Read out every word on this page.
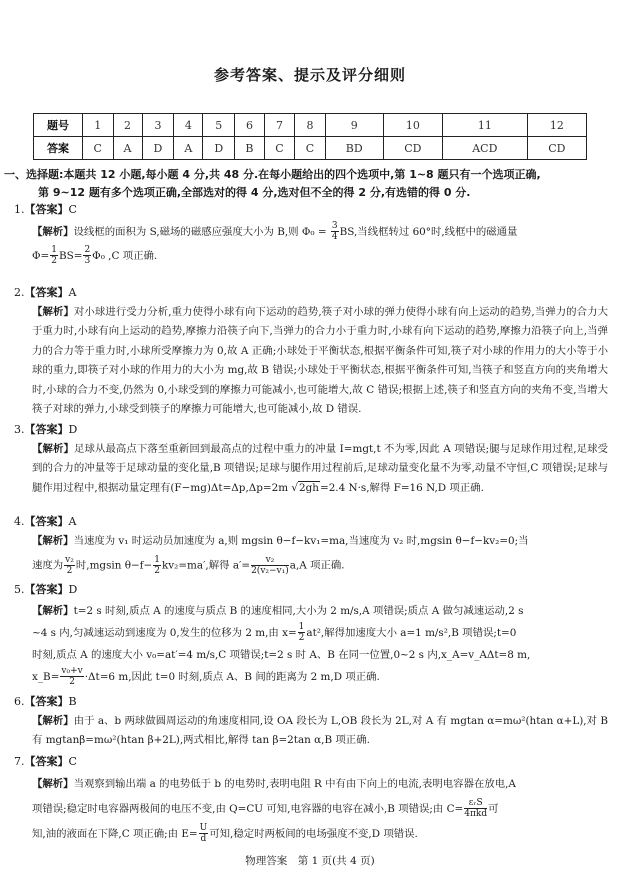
参考答案、提示及评分细则
题号	1	2	3	4	5	6	7	8	9	10	11	12
答案	C	A	D	A	D	B	C	C	BD	CD	ACD	CD
一、选择题:本题共 12 小题,每小题 4 分,共 48 分.在每小题给出的四个选项中,第 1~8 题只有一个选项正确,
第 9~12 题有多个选项正确,全部选对的得 4 分,选对但不全的得 2 分,有选错的得 0 分.
1.【答案】C
【解析】设线框的面积为 S,磁场的磁感应强度大小为 B,则 $\Phi_0 = \frac{3}{4}$ BS,当线框转过 60°时,线框中的磁通量
$\Phi= \frac{1}{2} BS= \frac{2}{3} \Phi_0$ ,C 项正确.
2.【答案】A
【解析】对小球进行受力分析,重力使得小球有向下运动的趋势,筷子对小球的弹力使得小球有向上运动的趋势,当弹力的合力大于重力时,小球有向上运动的趋势,摩擦力沿筷子向下,当弹力的合力小于重力时,小球有向下运动的趋势,摩擦力沿筷子向上,当弹力的合力等于重力时,小球所受摩擦力为 0,故 A 正确;小球处于平衡状态,根据平衡条件可知,筷子对小球的作用力的大小等于小球的重力,即筷子对小球的作用力的大小为 mg,故 B 错误;小球处于平衡状态,根据平衡条件可知,当筷子和竖直方向的夹角增大时,小球的合力不变,仍然为 0,小球受到的摩擦力可能减小,也可能增大,故 C 错误;根据上述,筷子和竖直方向的夹角不变,当增大筷子对球的弹力,小球受到筷子的摩擦力可能增大,也可能减小,故 D 错误.
3.【答案】D
【解析】足球从最高点下落至重新回到最高点的过程中重力的冲量 I=mgt,t 不为零,因此 A 项错误;腿与足球作用过程,足球受到的合力的冲量等于足球动量的变化量,B 项错误;足球与腿作用过程前后,足球动量变化量不为零,动量不守恒,C 项错误;足球与腿作用过程中,根据动量定理有(F−mg)Δt=Δp,Δp=2m √2gh=2.4 N·s,解得 F=16 N,D 项正确.
4.【答案】A
【解析】当速度为 v₁ 时运动员加速度为 a,则 mgsin θ−f−kv₁=ma,当速度为 v₂ 时,mgsin θ−f−kv₂=0;当
速度为 $\frac{\text{v₂}}{2}$ 时,mgsin $\theta-f- \frac{1}{2} kv_2=ma'$,解得 $a'= \frac{\text{v₂}}{\text{2(v₂−v₁)}} a,A$ 项正确.
5.【答案】D
【解析】t=2 s 时刻,质点 A 的速度与质点 B 的速度相同,大小为 2 m/s,A 项错误;质点 A 做匀减速运动,2 s
~4 s 内,匀减速运动到速度为 0,发生的位移为 2 m,由 $x= \frac{1}{2} at^2$,解得加速度大小 a=1 m/s²,B 项错误;t=0
时刻,质点 A 的速度大小 v₀=at′=4 m/s,C 项错误;t=2 s 时 A、B 在同一位置,0~2 s 内,x_A=v_AΔt=8 m,
x_B= $\frac{\text{v₀+v}}{2} \cdot\Delta t=6$ m,因此 t=0 时刻,质点 A、B 间的距离为 2 m,D 项正确.
6.【答案】B
【解析】由于 a、b 两球做圆周运动的角速度相同,设 OA 段长为 L,OB 段长为 2L,对 A 有 mgtan α=mω²(htan α+L),对 B 有 mgtanβ=mω²(htan β+2L),两式相比,解得 tan β=2tan α,B 项正确.
7.【答案】C
【解析】当观察到输出端 a 的电势低于 b 的电势时,表明电阻 R 中有由下向上的电流,表明电容器在放电,A
项错误;稳定时电容器两极间的电压不变,由 Q=CU 可知,电容器的电容在减小,B 项错误;由 $C= \frac{\text{εᵣS}}{\text{4πkd}}$ 可
知,油的液面在下降,C 项正确;由 $E= \frac{U}{d}$ 可知,稳定时两板间的电场强度不变,D 项错误.
物理答案　第 1 页(共 4 页)
